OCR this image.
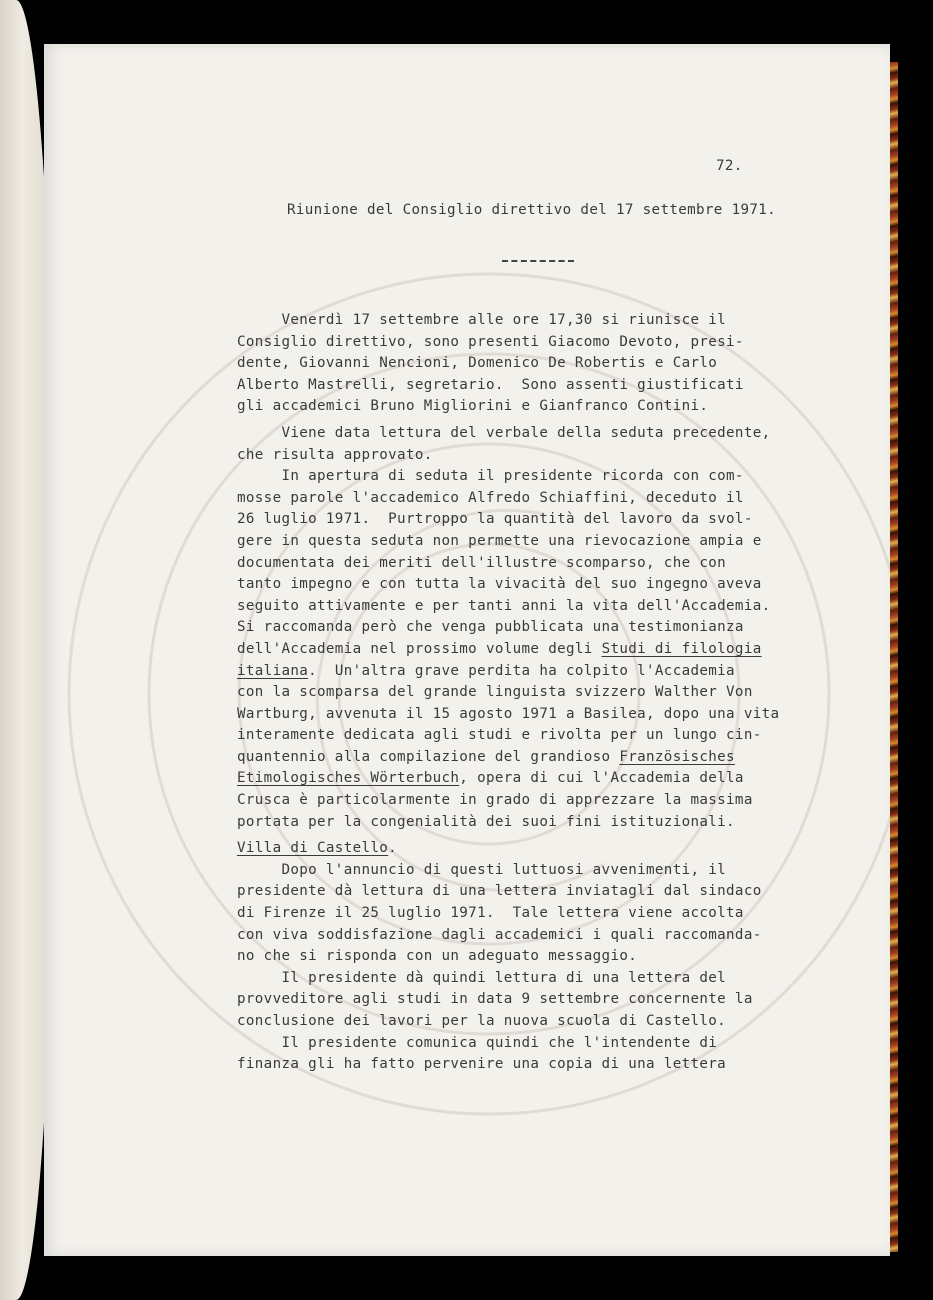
72.
Riunione del Consiglio direttivo del 17 settembre 1971.
Venerdì 17 settembre alle ore 17,30 si riunisce il
Consiglio direttivo, sono presenti Giacomo Devoto, presi-
dente, Giovanni Nencioni, Domenico De Robertis e Carlo
Alberto Mastrelli, segretario.  Sono assenti giustificati
gli accademici Bruno Migliorini e Gianfranco Contini.
Viene data lettura del verbale della seduta precedente,
che risulta approvato.
In apertura di seduta il presidente ricorda con com-
mosse parole l'accademico Alfredo Schiaffini, deceduto il
26 luglio 1971.  Purtroppo la quantità del lavoro da svol-
gere in questa seduta non permette una rievocazione ampia e
documentata dei meriti dell'illustre scomparso, che con
tanto impegno e con tutta la vivacità del suo ingegno aveva
seguito attivamente e per tanti anni la vita dell'Accademia.
Si raccomanda però che venga pubblicata una testimonianza
dell'Accademia nel prossimo volume degli Studi di filologia
italiana.  Un'altra grave perdita ha colpito l'Accademia
con la scomparsa del grande linguista svizzero Walther Von
Wartburg, avvenuta il 15 agosto 1971 a Basilea, dopo una vita
interamente dedicata agli studi e rivolta per un lungo cin-
quantennio alla compilazione del grandioso Französisches
Etimologisches Wörterbuch, opera di cui l'Accademia della
Crusca è particolarmente in grado di apprezzare la massima
portata per la congenialità dei suoi fini istituzionali.
Villa di Castello.
Dopo l'annuncio di questi luttuosi avvenimenti, il
presidente dà lettura di una lettera inviatagli dal sindaco
di Firenze il 25 luglio 1971.  Tale lettera viene accolta
con viva soddisfazione dagli accademici i quali raccomanda-
no che si risponda con un adeguato messaggio.
Il presidente dà quindi lettura di una lettera del
provveditore agli studi in data 9 settembre concernente la
conclusione dei lavori per la nuova scuola di Castello.
Il presidente comunica quindi che l'intendente di
finanza gli ha fatto pervenire una copia di una lettera
